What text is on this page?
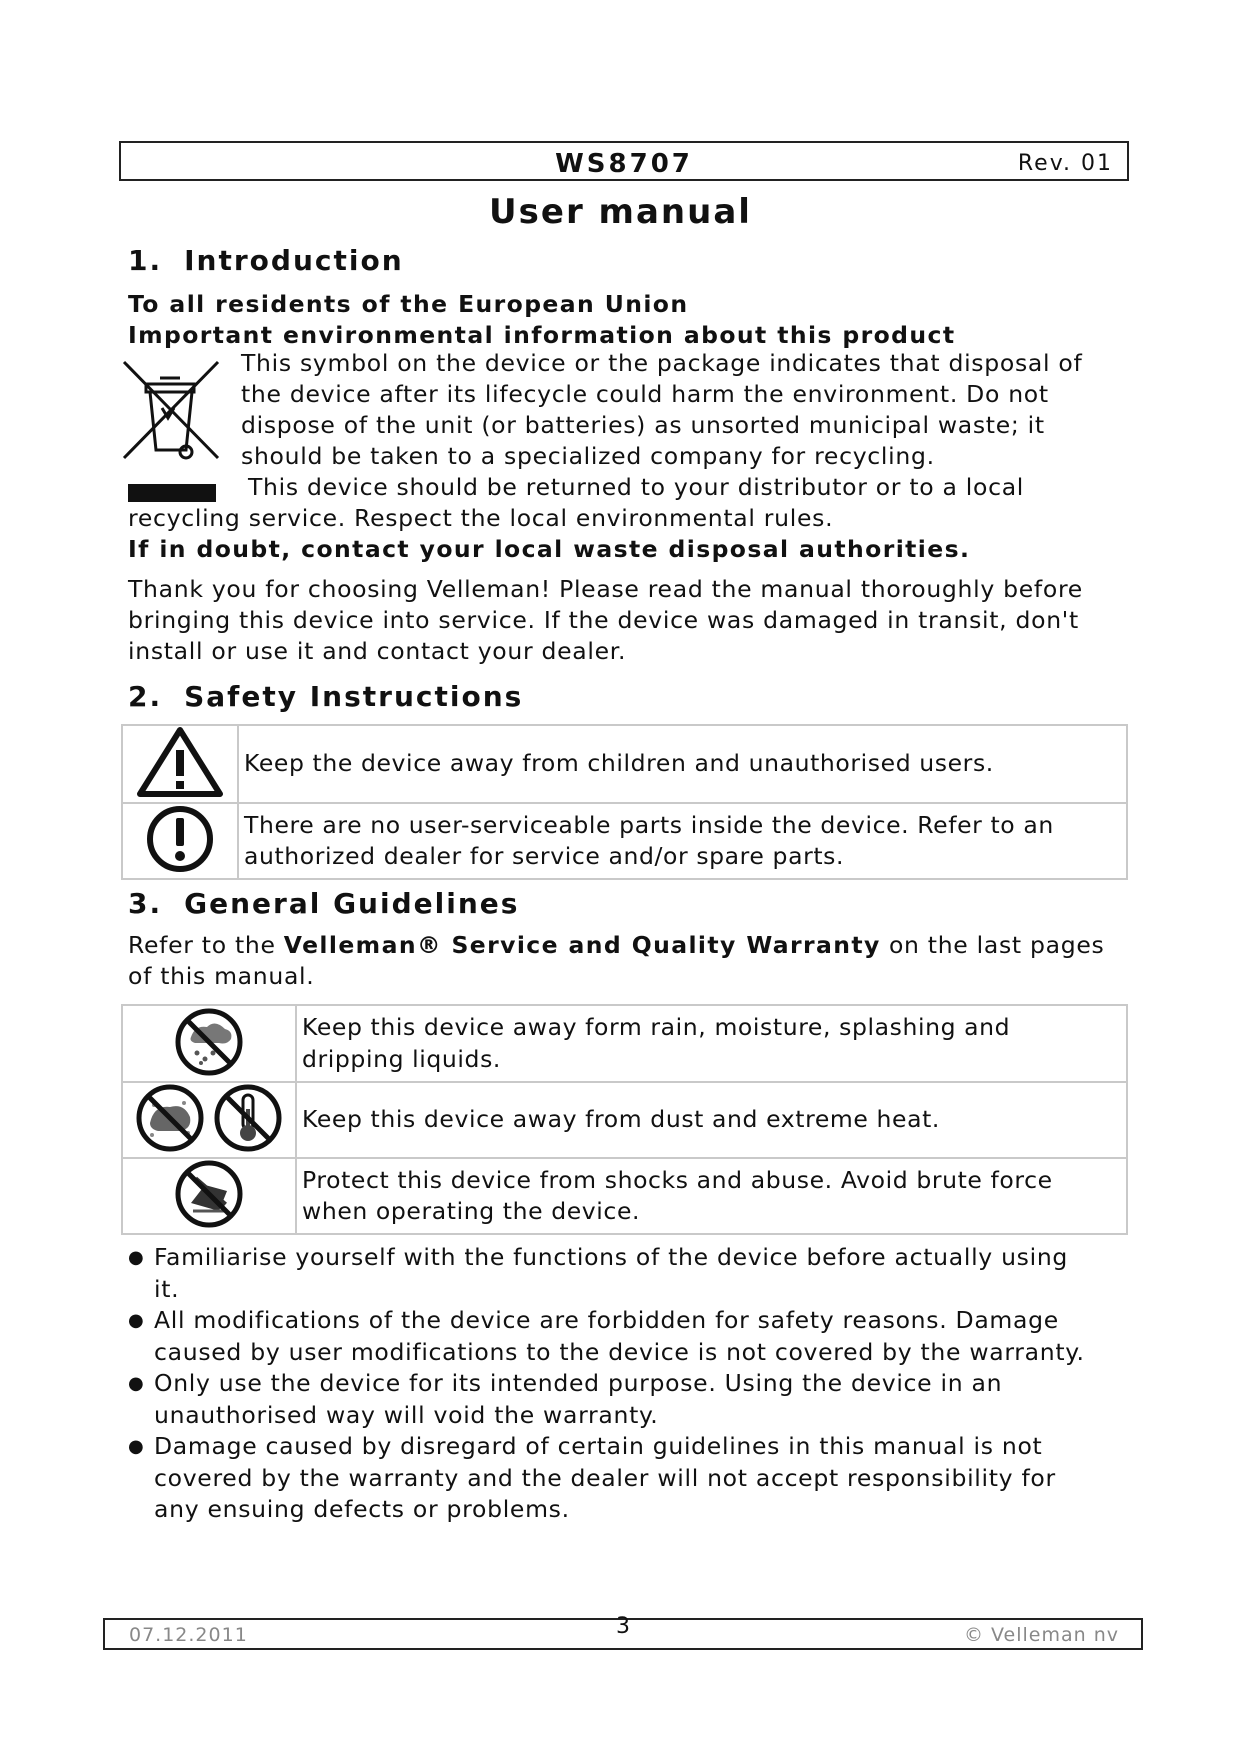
WS8707	Rev. 01
User manual
1. Introduction
To all residents of the European Union
Important environmental information about this product
This symbol on the device or the package indicates that disposal of
the device after its lifecycle could harm the environment. Do not
dispose of the unit (or batteries) as unsorted municipal waste; it
should be taken to a specialized company for recycling.
This device should be returned to your distributor or to a local
recycling service. Respect the local environmental rules.
If in doubt, contact your local waste disposal authorities.
Thank you for choosing Velleman! Please read the manual thoroughly before
bringing this device into service. If the device was damaged in transit, don't
install or use it and contact your dealer.
2. Safety Instructions

Keep the device away from children and unauthorised users.

There are no user-serviceable parts inside the device. Refer to an
authorized dealer for service and/or spare parts.
3. General Guidelines
Refer to the Velleman® Service and Quality Warranty on the last pages
of this manual.

Keep this device away form rain, moisture, splashing and
dripping liquids.

Keep this device away from dust and extreme heat.

Protect this device from shocks and abuse. Avoid brute force
when operating the device.
● Familiarise yourself with the functions of the device before actually using
it.
● All modifications of the device are forbidden for safety reasons. Damage
caused by user modifications to the device is not covered by the warranty.
● Only use the device for its intended purpose. Using the device in an
unauthorised way will void the warranty.
● Damage caused by disregard of certain guidelines in this manual is not
covered by the warranty and the dealer will not accept responsibility for
any ensuing defects or problems.
07.12.2011	3	© Velleman nv
